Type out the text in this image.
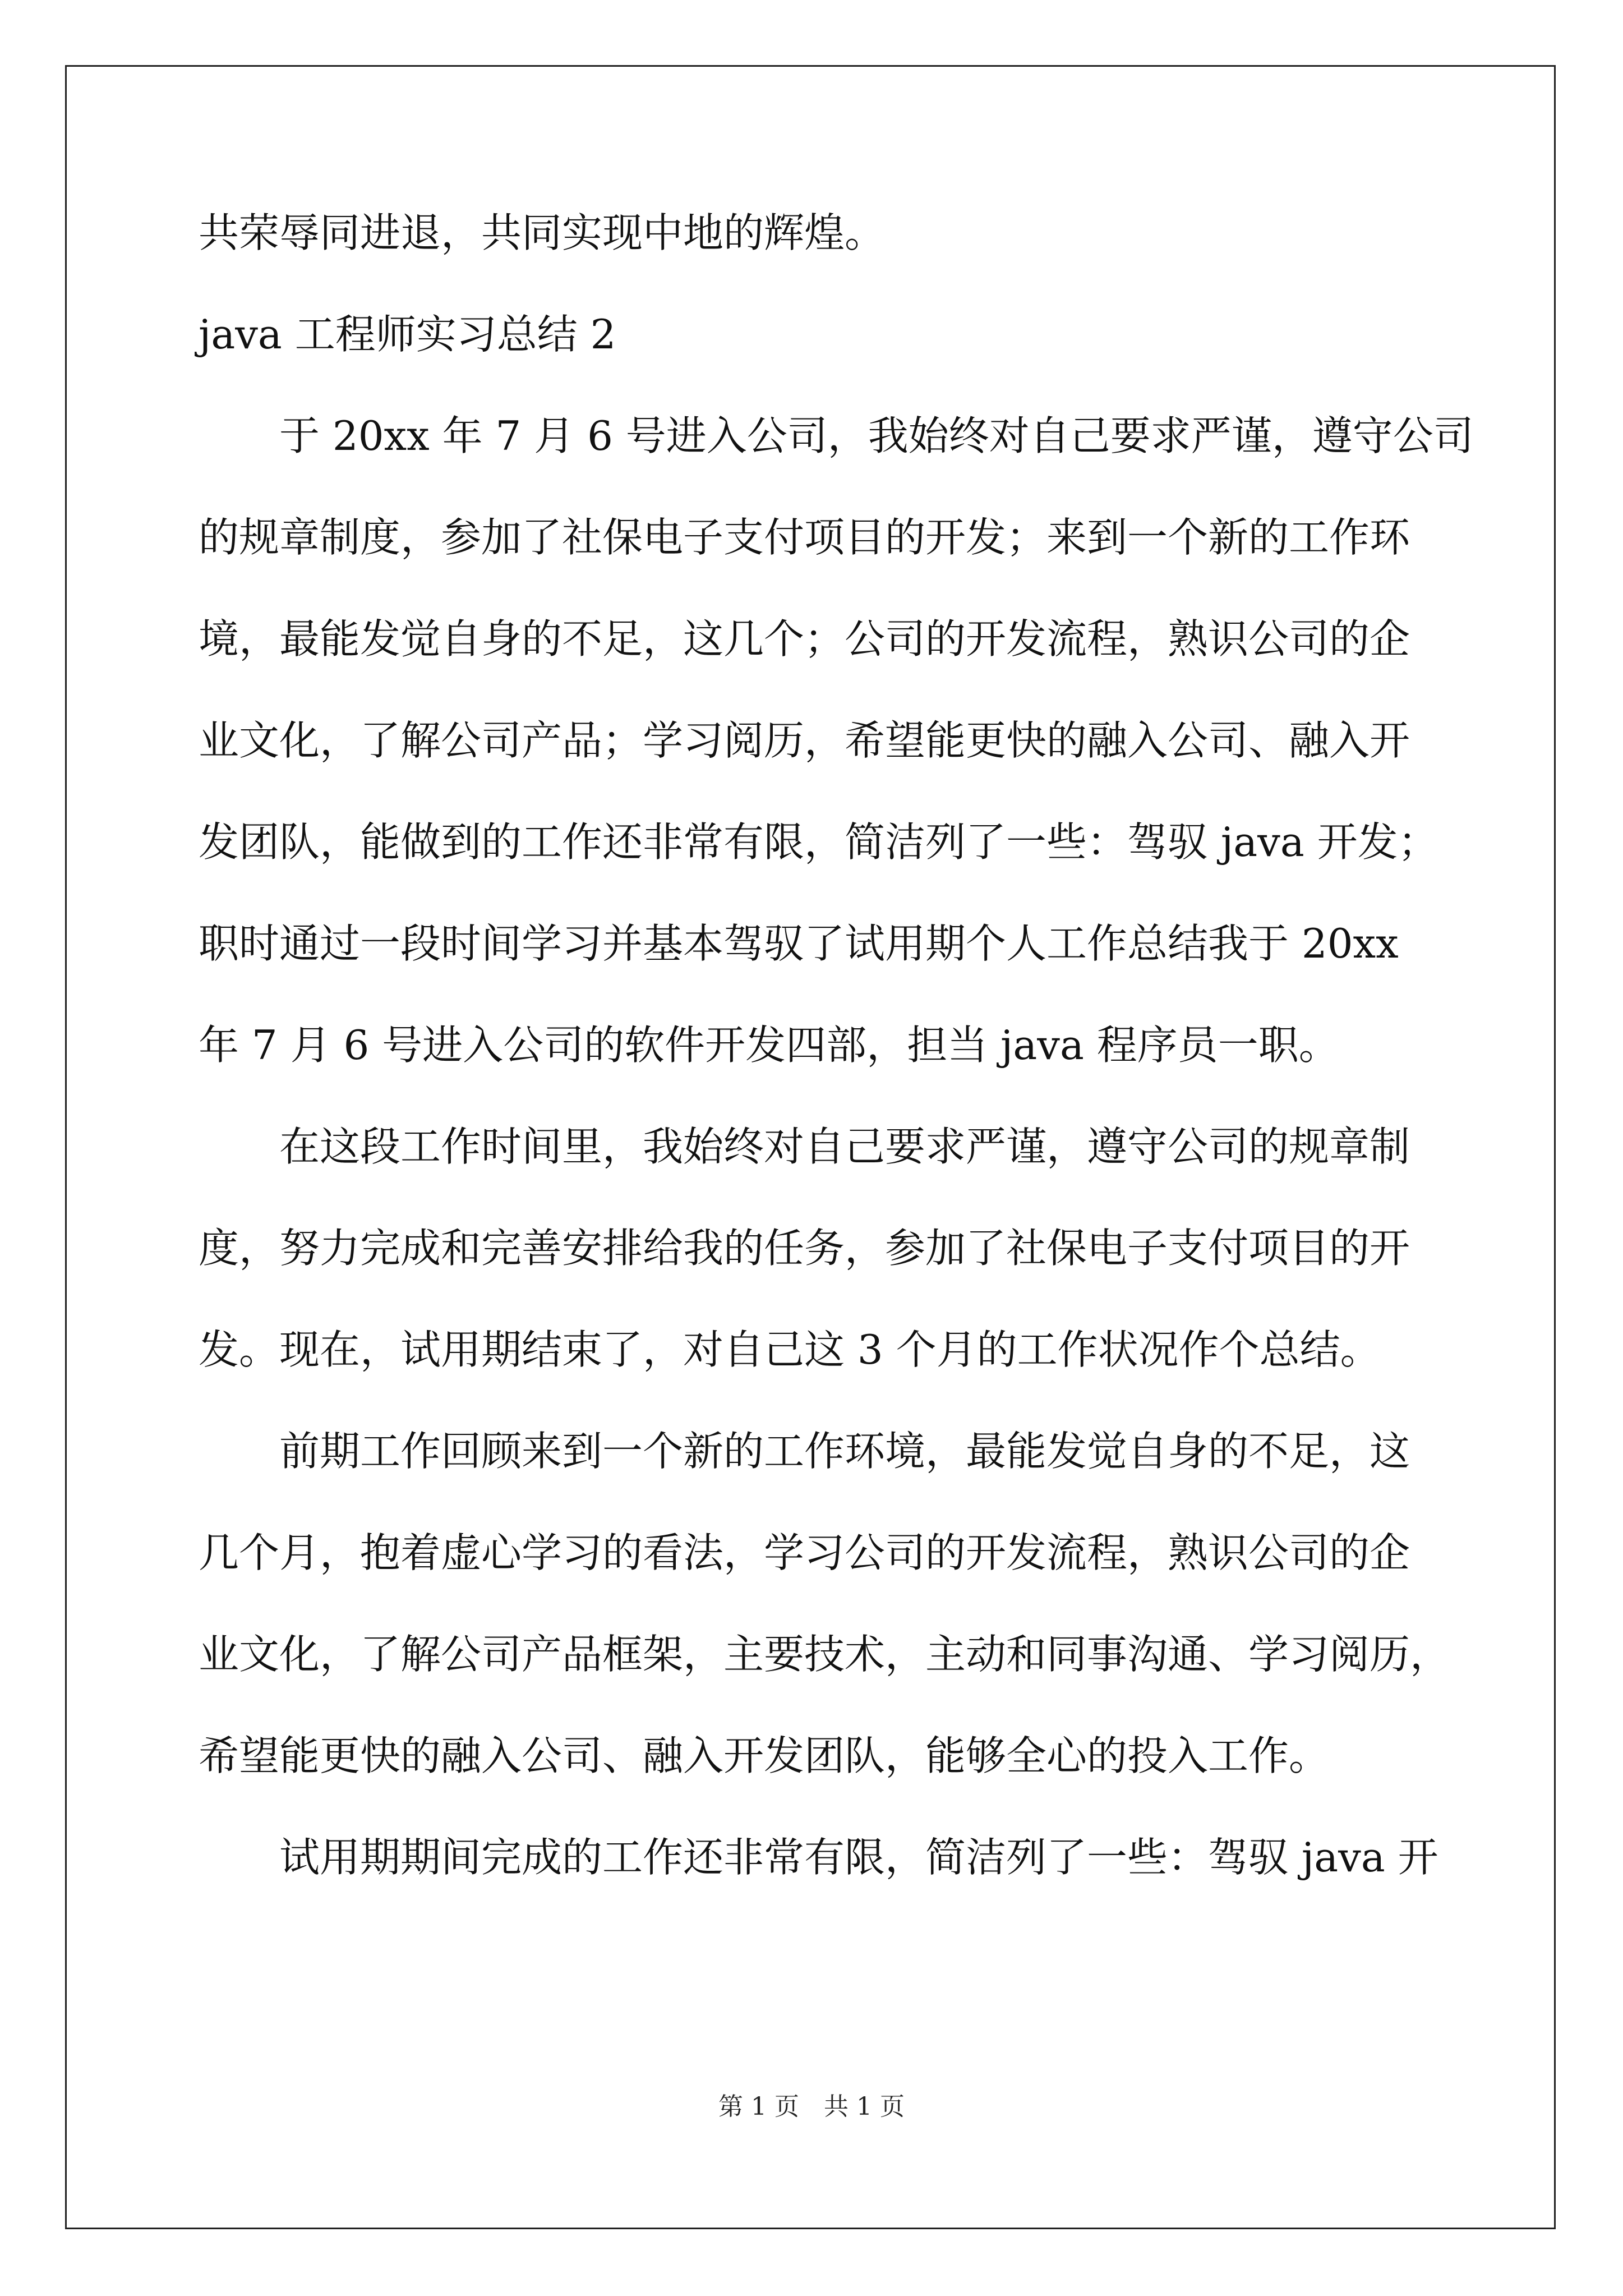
共荣辱同进退，共同实现中地的辉煌。
java 工程师实习总结 2
于 20xx 年 7 月 6 号进入公司，我始终对自己要求严谨，遵守公司
的规章制度，参加了社保电子支付项目的开发；来到一个新的工作环
境，最能发觉自身的不足，这几个；公司的开发流程，熟识公司的企
业文化，了解公司产品；学习阅历，希望能更快的融入公司、融入开
发团队，能做到的工作还非常有限，简洁列了一些：驾驭 java 开发；
职时通过一段时间学习并基本驾驭了试用期个人工作总结我于 20xx
年 7 月 6 号进入公司的软件开发四部，担当 java 程序员一职。
在这段工作时间里，我始终对自己要求严谨，遵守公司的规章制
度，努力完成和完善安排给我的任务，参加了社保电子支付项目的开
发。现在，试用期结束了，对自己这 3 个月的工作状况作个总结。
前期工作回顾来到一个新的工作环境，最能发觉自身的不足，这
几个月，抱着虚心学习的看法，学习公司的开发流程，熟识公司的企
业文化，了解公司产品框架，主要技术，主动和同事沟通、学习阅历，
希望能更快的融入公司、融入开发团队，能够全心的投入工作。
试用期期间完成的工作还非常有限，简洁列了一些：驾驭 java 开
第 1 页　共 1 页
